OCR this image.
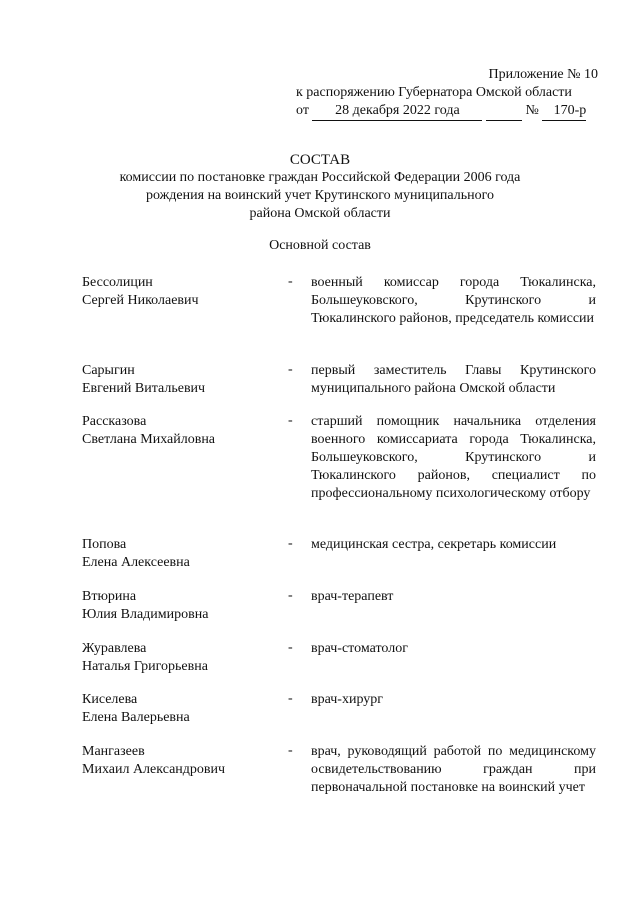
Приложение № 10
к распоряжению Губернатора Омской области
от 28 декабря 2022 года	№ 170-р
СОСТАВ
комиссии по постановке граждан Российской Федерации 2006 года
рождения на воинский учет Крутинского муниципального
района Омской области
Основной состав
Бессолицин
Сергей Николаевич
- военный комиссар города Тюкалинска, Большеуковского, Крутинского и Тюкалинского районов, председатель комиссии
Сарыгин
Евгений Витальевич
- первый заместитель Главы Крутинского муниципального района Омской области
Рассказова
Светлана Михайловна
- старший помощник начальника отделения военного комиссариата города Тюкалинска, Большеуковского, Крутинского и Тюкалинского районов, специалист по профессиональному психологическому отбору
Попова
Елена Алексеевна
- медицинская сестра, секретарь комиссии
Втюрина
Юлия Владимировна
- врач-терапевт
Журавлева
Наталья Григорьевна
- врач-стоматолог
Киселева
Елена Валерьевна
- врач-хирург
Мангазеев
Михаил Александрович
- врач, руководящий работой по медицинскому освидетельствованию граждан при первоначальной постановке на воинский учет
